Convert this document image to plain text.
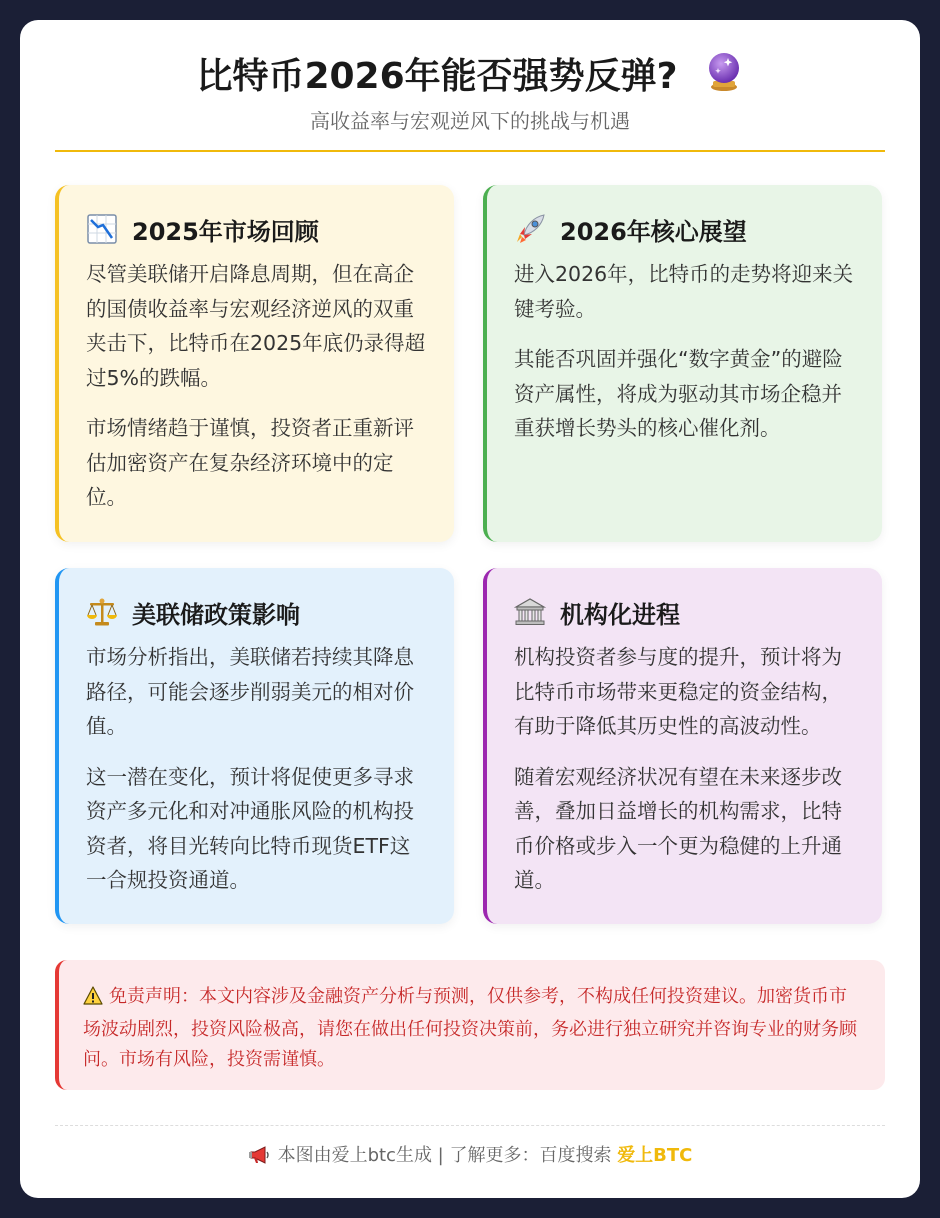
比特币2026年能否强势反弹?
高收益率与宏观逆风下的挑战与机遇
2025年市场回顾

尽管美联储开启降息周期，但在高企的国债收益率与宏观经济逆风的双重夹击下，比特币在2025年底仍录得超过5%的跌幅。

市场情绪趋于谨慎，投资者正重新评估加密资产在复杂经济环境中的定位。

2026年核心展望

进入2026年，比特币的走势将迎来关键考验。

其能否巩固并强化“数字黄金”的避险资产属性，将成为驱动其市场企稳并重获增长势头的核心催化剂。

美联储政策影响

市场分析指出，美联储若持续其降息路径，可能会逐步削弱美元的相对价值。

这一潜在变化，预计将促使更多寻求资产多元化和对冲通胀风险的机构投资者，将目光转向比特币现货ETF这一合规投资通道。

机构化进程

机构投资者参与度的提升，预计将为比特币市场带来更稳定的资金结构，有助于降低其历史性的高波动性。

随着宏观经济状况有望在未来逐步改善，叠加日益增长的机构需求，比特币价格或步入一个更为稳健的上升通道。

免责声明：本文内容涉及金融资产分析与预测，仅供参考，不构成任何投资建议。加密货币市场波动剧烈，投资风险极高，请您在做出任何投资决策前，务必进行独立研究并咨询专业的财务顾问。市场有风险，投资需谨慎。
本图由爱上btc生成 | 了解更多：百度搜索 爱上BTC
